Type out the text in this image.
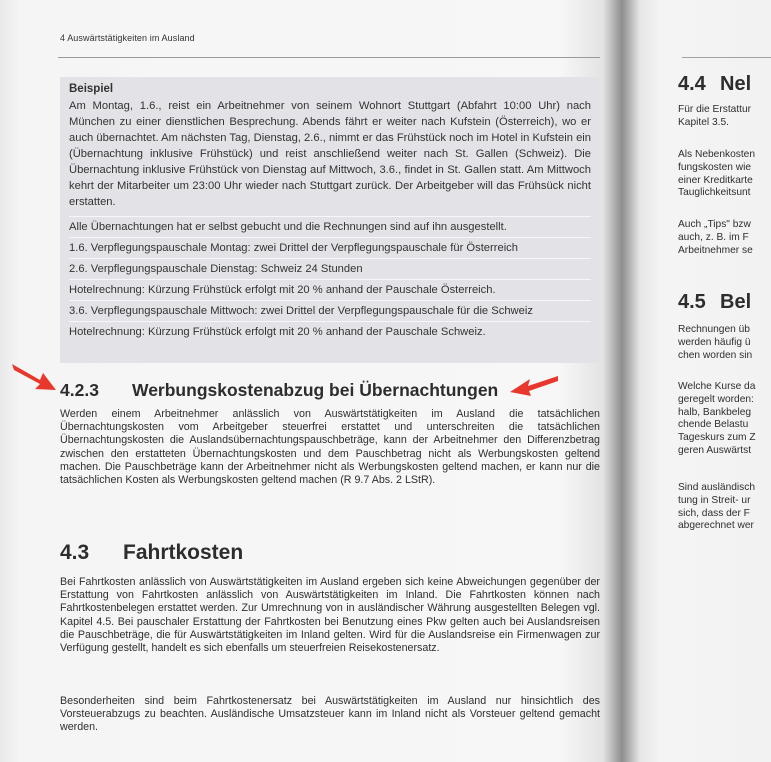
4 Auswärtstätigkeiten im Ausland

Beispiel

Am Montag, 1.6., reist ein Arbeitnehmer von seinem Wohnort Stuttgart (Abfahrt 10:00 Uhr) nach München zu einer dienstlichen Besprechung. Abends fährt er weiter nach Kufstein (Österreich), wo er auch übernachtet. Am nächsten Tag, Dienstag, 2.6., nimmt er das Frühstück noch im Hotel in Kufstein ein (Übernachtung inklusive Frühstück) und reist anschließend weiter nach St. Gallen (Schweiz). Die Übernachtung inklusive Frühstück von Dienstag auf Mittwoch, 3.6., findet in St. Gallen statt. Am Mittwoch kehrt der Mitarbeiter um 23:00 Uhr wieder nach Stuttgart zurück. Der Arbeitgeber will das Frühsück nicht erstatten.

Alle Übernachtungen hat er selbst gebucht und die Rechnungen sind auf ihn ausgestellt.

1.6. Verpflegungspauschale Montag: zwei Drittel der Verpflegungspauschale für Österreich

2.6. Verpflegungspauschale Dienstag: Schweiz 24 Stunden

Hotelrechnung: Kürzung Frühstück erfolgt mit 20 % anhand der Pauschale Österreich.

3.6. Verpflegungspauschale Mittwoch: zwei Drittel der Verpflegungspauschale für die Schweiz

Hotelrechnung: Kürzung Frühstück erfolgt mit 20 % anhand der Pauschale Schweiz.

4.2.3 Werbungskostenabzug bei Übernachtungen

Werden einem Arbeitnehmer anlässlich von Auswärtstätigkeiten im Ausland die tatsächlichen Übernachtungskosten vom Arbeitgeber steuerfrei erstattet und unterschreiten die tatsächlichen Übernachtungskosten die Auslandsübernachtungspauschbeträge, kann der Arbeitnehmer den Differenzbetrag zwischen den erstatteten Übernachtungskosten und dem Pauschbetrag nicht als Werbungskosten geltend machen. Die Pauschbeträge kann der Arbeitnehmer nicht als Werbungskosten geltend machen, er kann nur die tatsächlichen Kosten als Werbungskosten geltend machen (R 9.7 Abs. 2 LStR).

4.3 Fahrtkosten

Bei Fahrtkosten anlässlich von Auswärtstätigkeiten im Ausland ergeben sich keine Abweichungen gegenüber der Erstattung von Fahrtkosten anlässlich von Auswärtstätigkeiten im Inland. Die Fahrtkosten können nach Fahrtkostenbelegen erstattet werden. Zur Umrechnung von in ausländischer Währung ausgestellten Belegen vgl. Kapitel 4.5. Bei pauschaler Erstattung der Fahrtkosten bei Benutzung eines Pkw gelten auch bei Auslandsreisen die Pauschbeträge, die für Auswärtstätigkeiten im Inland gelten. Wird für die Auslandsreise ein Firmenwagen zur Verfügung gestellt, handelt es sich ebenfalls um steuerfreien Reisekostenersatz.

Besonderheiten sind beim Fahrtkostenersatz bei Auswärtstätigkeiten im Ausland nur hinsichtlich des Vorsteuerabzugs zu beachten. Ausländische Umsatzsteuer kann im Inland nicht als Vorsteuer geltend gemacht werden.

4.4 Nel

Für die Erstattur
Kapitel 3.5.

Als Nebenkosten
fungskosten wie
einer Kreditkarte
Tauglichkeitsunt

Auch „Tips" bzw
auch, z. B. im F
Arbeitnehmer se

4.5 Bel

Rechnungen üb
werden häufig ü
chen worden sin

Welche Kurse da
geregelt worden:
halb, Bankbeleg
chende Belastu
Tageskurs zum Z
geren Auswärtst

Sind ausländisch
tung in Streit- ur
sich, dass der F
abgerechnet wer
